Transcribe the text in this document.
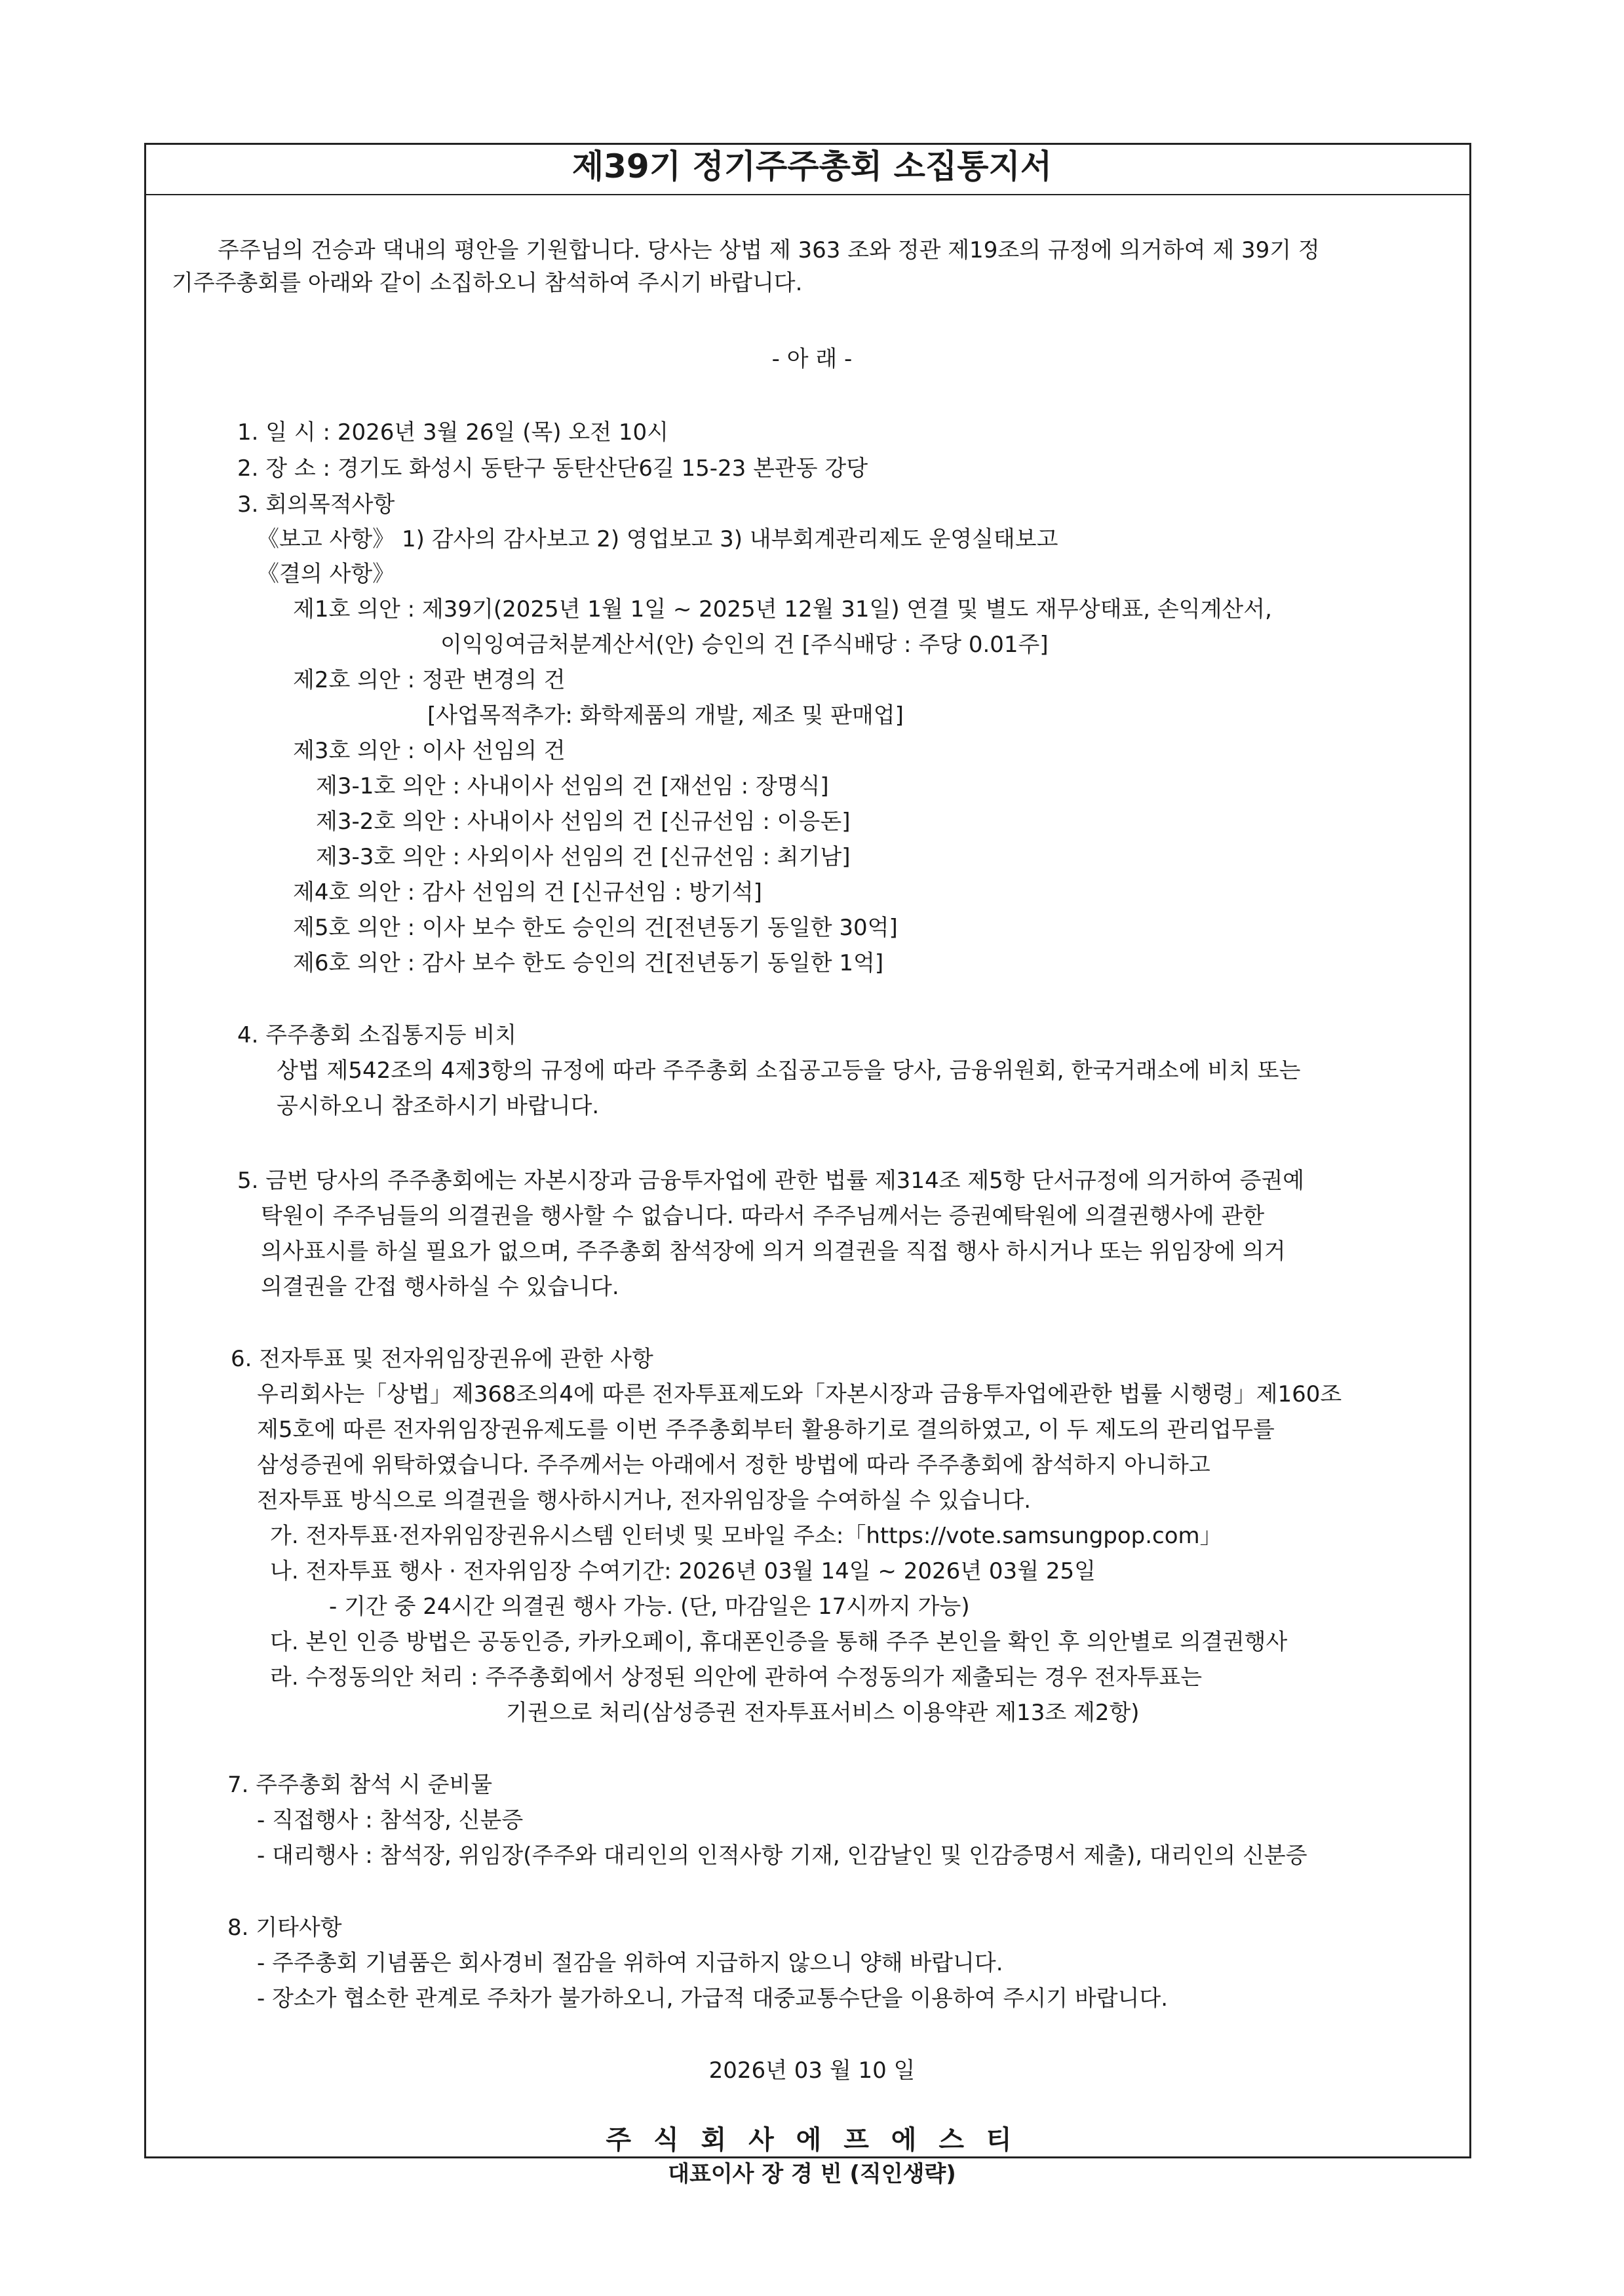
제39기 정기주주총회 소집통지서
주주님의 건승과 댁내의 평안을 기원합니다. 당사는 상법 제 363 조와 정관 제19조의 규정에 의거하여 제 39기 정
기주주총회를 아래와 같이 소집하오니 참석하여 주시기 바랍니다.
- 아 래 -
1. 일 시 : 2026년 3월 26일 (목) 오전 10시
2. 장 소 : 경기도 화성시 동탄구 동탄산단6길 15-23 본관동 강당
3. 회의목적사항
《보고 사항》 1) 감사의 감사보고 2) 영업보고 3) 내부회계관리제도 운영실태보고
《결의 사항》
제1호 의안 : 제39기(2025년 1월 1일 ~ 2025년 12월 31일) 연결 및 별도 재무상태표, 손익계산서,
이익잉여금처분계산서(안) 승인의 건 [주식배당 : 주당 0.01주]
제2호 의안 : 정관 변경의 건
[사업목적추가: 화학제품의 개발, 제조 및 판매업]
제3호 의안 : 이사 선임의 건
제3-1호 의안 : 사내이사 선임의 건 [재선임 : 장명식]
제3-2호 의안 : 사내이사 선임의 건 [신규선임 : 이응돈]
제3-3호 의안 : 사외이사 선임의 건 [신규선임 : 최기남]
제4호 의안 : 감사 선임의 건 [신규선임 : 방기석]
제5호 의안 : 이사 보수 한도 승인의 건[전년동기 동일한 30억]
제6호 의안 : 감사 보수 한도 승인의 건[전년동기 동일한 1억]
4. 주주총회 소집통지등 비치
상법 제542조의 4제3항의 규정에 따라 주주총회 소집공고등을 당사, 금융위원회, 한국거래소에 비치 또는
공시하오니 참조하시기 바랍니다.
5. 금번 당사의 주주총회에는 자본시장과 금융투자업에 관한 법률 제314조 제5항 단서규정에 의거하여 증권예
탁원이 주주님들의 의결권을 행사할 수 없습니다. 따라서 주주님께서는 증권예탁원에 의결권행사에 관한
의사표시를 하실 필요가 없으며, 주주총회 참석장에 의거 의결권을 직접 행사 하시거나 또는 위임장에 의거
의결권을 간접 행사하실 수 있습니다.
6. 전자투표 및 전자위임장권유에 관한 사항
우리회사는「상법」제368조의4에 따른 전자투표제도와「자본시장과 금융투자업에관한 법률 시행령」제160조
제5호에 따른 전자위임장권유제도를 이번 주주총회부터 활용하기로 결의하였고, 이 두 제도의 관리업무를
삼성증권에 위탁하였습니다. 주주께서는 아래에서 정한 방법에 따라 주주총회에 참석하지 아니하고
전자투표 방식으로 의결권을 행사하시거나, 전자위임장을 수여하실 수 있습니다.
가. 전자투표·전자위임장권유시스템 인터넷 및 모바일 주소:「https://vote.samsungpop.com」
나. 전자투표 행사 · 전자위임장 수여기간: 2026년 03월 14일 ~ 2026년 03월 25일
- 기간 중 24시간 의결권 행사 가능. (단, 마감일은 17시까지 가능)
다. 본인 인증 방법은 공동인증, 카카오페이, 휴대폰인증을 통해 주주 본인을 확인 후 의안별로 의결권행사
라. 수정동의안 처리 : 주주총회에서 상정된 의안에 관하여 수정동의가 제출되는 경우 전자투표는
기권으로 처리(삼성증권 전자투표서비스 이용약관 제13조 제2항)
7. 주주총회 참석 시 준비물
- 직접행사 : 참석장, 신분증
- 대리행사 : 참석장, 위임장(주주와 대리인의 인적사항 기재, 인감날인 및 인감증명서 제출), 대리인의 신분증
8. 기타사항
- 주주총회 기념품은 회사경비 절감을 위하여 지급하지 않으니 양해 바랍니다.
- 장소가 협소한 관계로 주차가 불가하오니, 가급적 대중교통수단을 이용하여 주시기 바랍니다.
2026년 03 월 10 일
주 식 회 사 에 프 에 스 티
대표이사 장 경 빈 (직인생략)
